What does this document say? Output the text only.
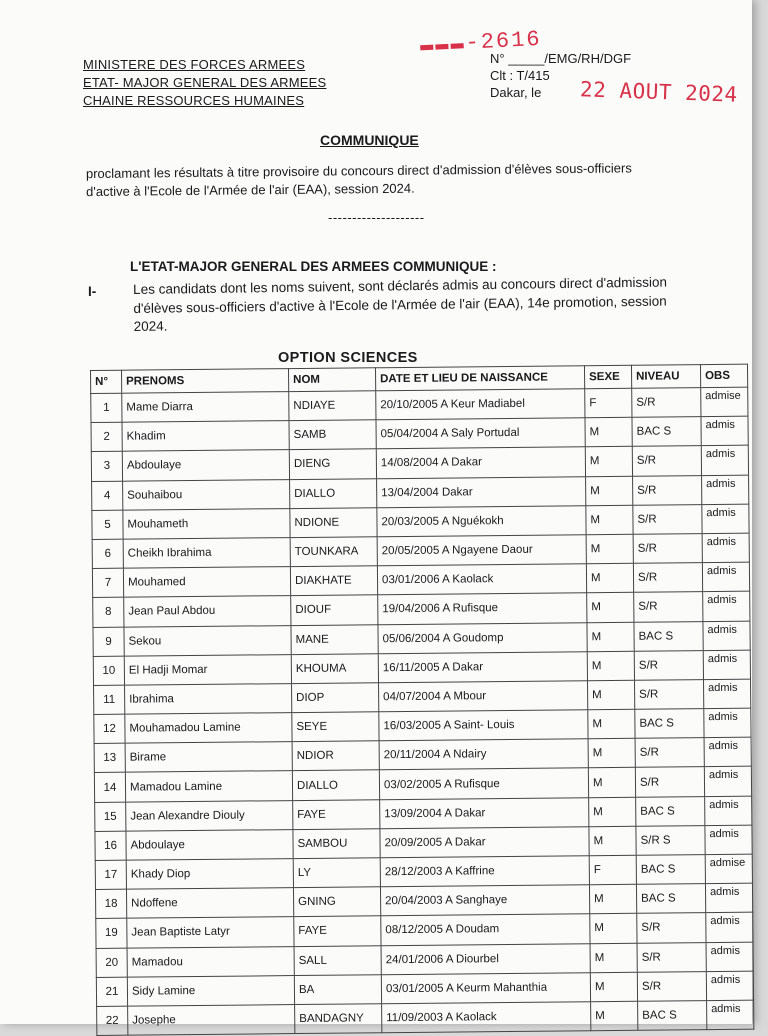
MINISTERE DES FORCES ARMEES
ETAT- MAJOR GENERAL DES ARMEES
CHAINE RESSOURCES HUMAINES
▬▬▬-2616
N° _____/EMG/RH/DGF
Clt : T/415
Dakar, le	22 AOUT 2024
COMMUNIQUE
proclamant les résultats à titre provisoire du concours direct d'admission d'élèves sous-officiers d'active à l'Ecole de l'Armée de l'air (EAA), session 2024.
--------------------
L'ETAT-MAJOR GENERAL DES ARMEES COMMUNIQUE :
I-	Les candidats dont les noms suivent, sont déclarés admis au concours direct d'admission d'élèves sous-officiers d'active à l'Ecole de l'Armée de l'air (EAA), 14e promotion, session 2024.
OPTION SCIENCES
N°	PRENOMS	NOM	DATE ET LIEU DE NAISSANCE	SEXE	NIVEAU	OBS
1	Mame Diarra	NDIAYE	20/10/2005 A Keur Madiabel	F	S/R	admise
2	Khadim	SAMB	05/04/2004 A Saly Portudal	M	BAC S	admis
3	Abdoulaye	DIENG	14/08/2004 A Dakar	M	S/R	admis
4	Souhaibou	DIALLO	13/04/2004 Dakar	M	S/R	admis
5	Mouhameth	NDIONE	20/03/2005 A Nguékokh	M	S/R	admis
6	Cheikh Ibrahima	TOUNKARA	20/05/2005 A Ngayene Daour	M	S/R	admis
7	Mouhamed	DIAKHATE	03/01/2006 A Kaolack	M	S/R	admis
8	Jean Paul Abdou	DIOUF	19/04/2006 A Rufisque	M	S/R	admis
9	Sekou	MANE	05/06/2004 A Goudomp	M	BAC S	admis
10	El Hadji Momar	KHOUMA	16/11/2005 A Dakar	M	S/R	admis
11	Ibrahima	DIOP	04/07/2004 A Mbour	M	S/R	admis
12	Mouhamadou Lamine	SEYE	16/03/2005 A Saint- Louis	M	BAC S	admis
13	Birame	NDIOR	20/11/2004 A Ndairy	M	S/R	admis
14	Mamadou Lamine	DIALLO	03/02/2005 A Rufisque	M	S/R	admis
15	Jean Alexandre Diouly	FAYE	13/09/2004 A Dakar	M	BAC S	admis
16	Abdoulaye	SAMBOU	20/09/2005 A Dakar	M	S/R S	admis
17	Khady Diop	LY	28/12/2003 A Kaffrine	F	BAC S	admise
18	Ndoffene	GNING	20/04/2003 A Sanghaye	M	BAC S	admis
19	Jean Baptiste Latyr	FAYE	08/12/2005 A Doudam	M	S/R	admis
20	Mamadou	SALL	24/01/2006 A Diourbel	M	S/R	admis
21	Sidy Lamine	BA	03/01/2005 A Keurm Mahanthia	M	S/R	admis
22	Josephe	BANDAGNY	11/09/2003 A Kaolack	M	BAC S	admis
